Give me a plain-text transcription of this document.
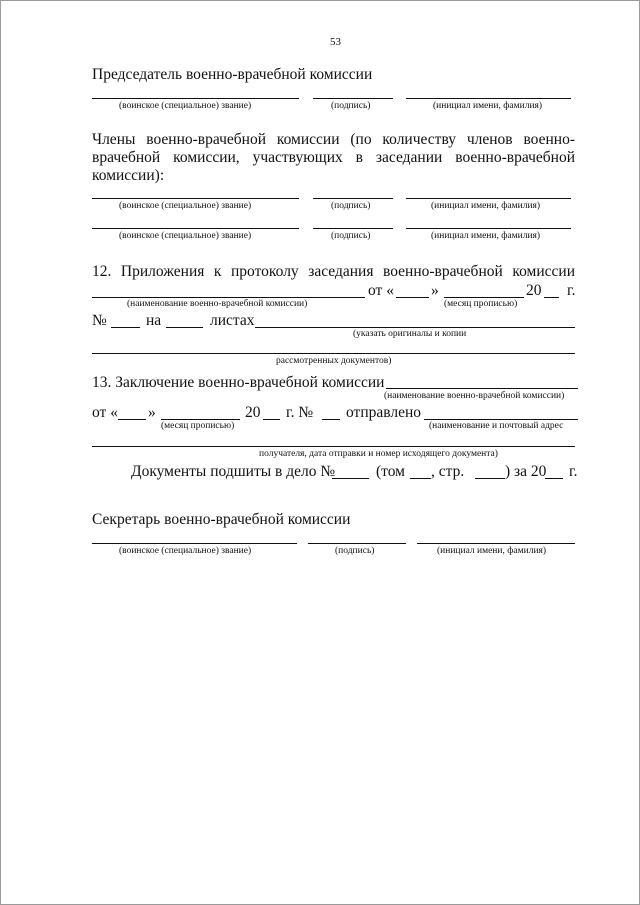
53
Председатель военно-врачебной комиссии
(воинское (специальное) звание)	(подпись)	(инициал имени, фамилия)
Члены военно-врачебной комиссии (по количеству членов военно-
врачебной комиссии, участвующих в заседании военно-врачебной
комиссии):
(воинское (специальное) звание)	(подпись)	(инициал имени, фамилия)
(воинское (специальное) звание)	(подпись)	(инициал имени, фамилия)
12. Приложения к протоколу заседания военно-врачебной комиссии
от « »	20 г.
(наименование военно-врачебной комиссии)	(месяц прописью)
№	на	листах
(указать оригиналы и копии
рассмотренных документов)
13. Заключение военно-врачебной комиссии
(наименование военно-врачебной комиссии)
от « »	20 г. № отправлено
(месяц прописью)	(наименование и почтовый адрес
получателя, дата отправки и номер исходящего документа)
Документы подшиты в дело №	(том , стр.	) за 20 г.
Секретарь военно-врачебной комиссии
(воинское (специальное) звание)	(подпись)	(инициал имени, фамилия)
